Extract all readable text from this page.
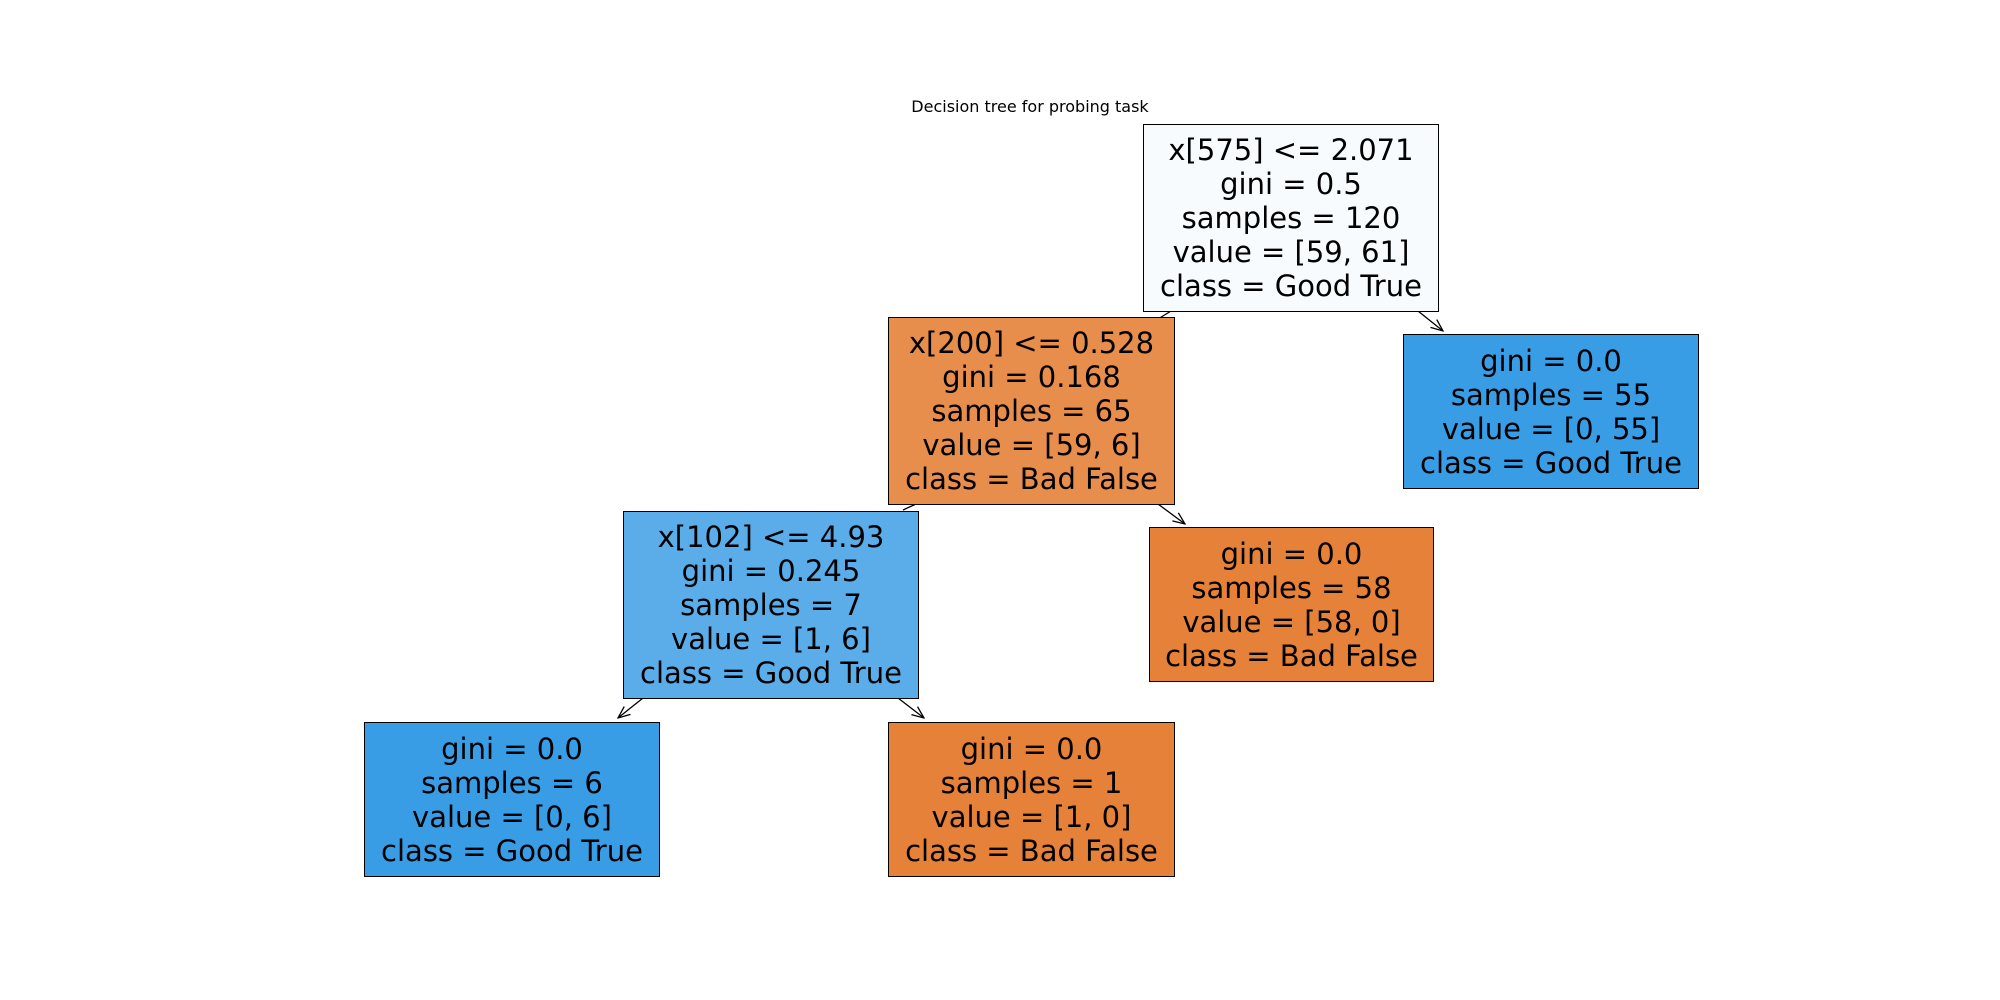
Decision tree for probing task
x[575] <= 2.071
gini = 0.5
samples = 120
value = [59, 61]
class = Good True
x[200] <= 0.528
gini = 0.168
samples = 65
value = [59, 6]
class = Bad False
gini = 0.0
samples = 55
value = [0, 55]
class = Good True
x[102] <= 4.93
gini = 0.245
samples = 7
value = [1, 6]
class = Good True
gini = 0.0
samples = 58
value = [58, 0]
class = Bad False
gini = 0.0
samples = 6
value = [0, 6]
class = Good True
gini = 0.0
samples = 1
value = [1, 0]
class = Bad False
